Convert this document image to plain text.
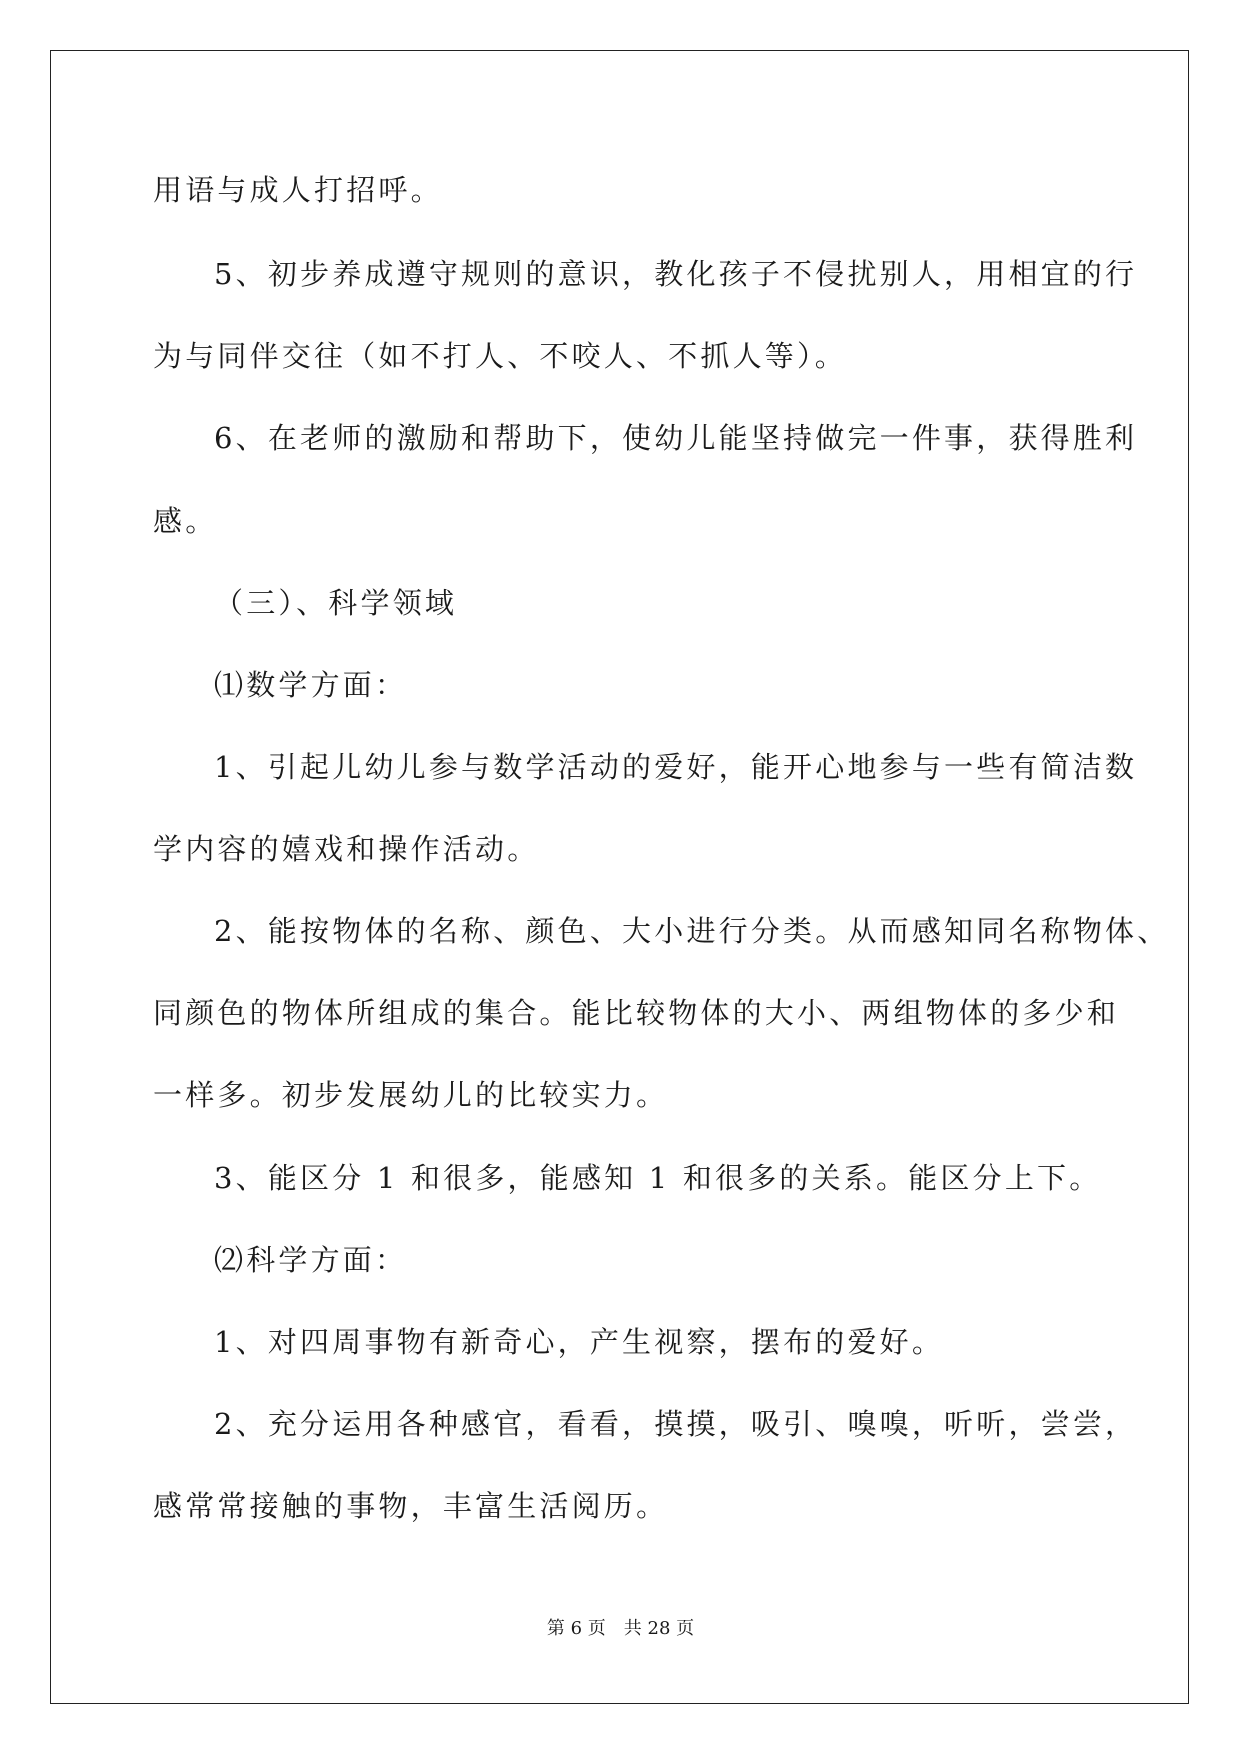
用语与成人打招呼。
5、初步养成遵守规则的意识，教化孩子不侵扰别人，用相宜的行
为与同伴交往（如不打人、不咬人、不抓人等）。
6、在老师的激励和帮助下，使幼儿能坚持做完一件事，获得胜利
感。
（三）、科学领域
⑴数学方面：
1、引起儿幼儿参与数学活动的爱好，能开心地参与一些有简洁数
学内容的嬉戏和操作活动。
2、能按物体的名称、颜色、大小进行分类。从而感知同名称物体、
同颜色的物体所组成的集合。能比较物体的大小、两组物体的多少和
一样多。初步发展幼儿的比较实力。
3、能区分 1 和很多，能感知 1 和很多的关系。能区分上下。
⑵科学方面：
1、对四周事物有新奇心，产生视察，摆布的爱好。
2、充分运用各种感官，看看，摸摸，吸引、嗅嗅，听听，尝尝，
感常常接触的事物，丰富生活阅历。
第 6 页 共 28 页
